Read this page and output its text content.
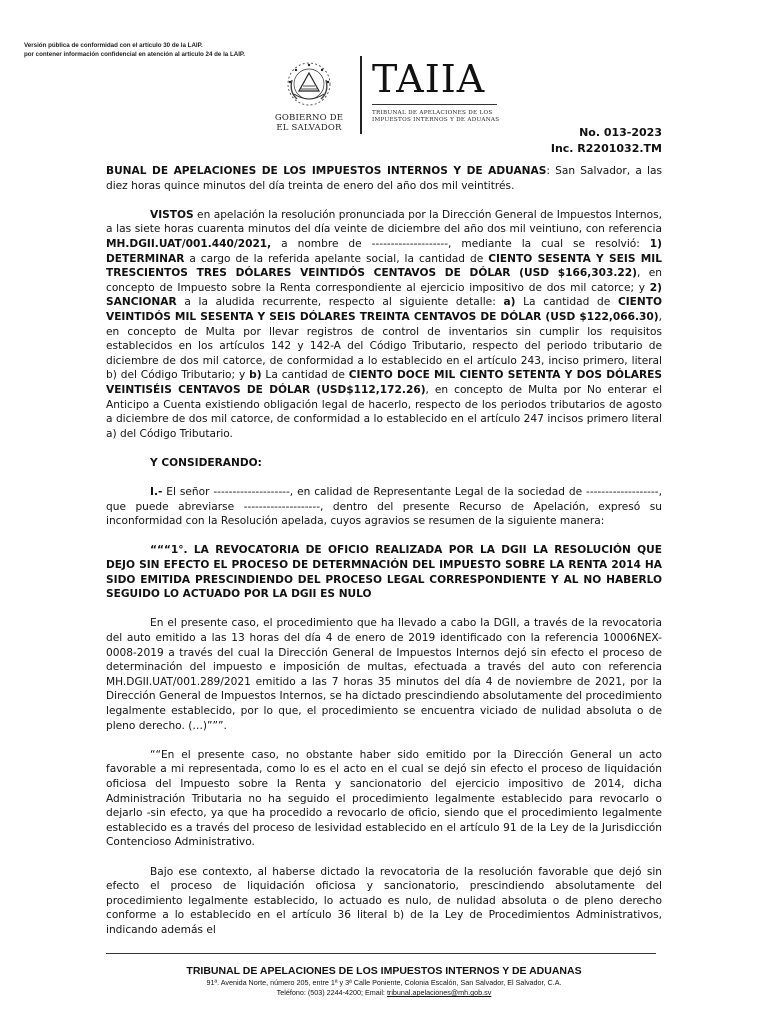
Versión pública de conformidad con el artículo 30 de la LAIP.
por contener información confidencial en atención al artículo 24 de la LAIP.
GOBIERNO DE
EL SALVADOR
TAIIA
TRIBUNAL DE APELACIONES DE LOS
IMPUESTOS INTERNOS Y DE ADUANAS
No. 013-2023
Inc. R2201032.TM

BUNAL DE APELACIONES DE LOS IMPUESTOS INTERNOS Y DE ADUANAS: San Salvador, a las diez horas quince minutos del día treinta de enero del año dos mil veintitrés.

VISTOS en apelación la resolución pronunciada por la Dirección General de Impuestos Internos, a las siete horas cuarenta minutos del día veinte de diciembre del año dos mil veintiuno, con referencia MH.DGII.UAT/001.440/2021, a nombre de --------------------, mediante la cual se resolvió: 1) DETERMINAR a cargo de la referida apelante social, la cantidad de CIENTO SESENTA Y SEIS MIL TRESCIENTOS TRES DÓLARES VEINTIDÓS CENTAVOS DE DÓLAR (USD $166,303.22), en concepto de Impuesto sobre la Renta correspondiente al ejercicio impositivo de dos mil catorce; y 2) SANCIONAR a la aludida recurrente, respecto al siguiente detalle: a) La cantidad de CIENTO VEINTIDÓS MIL SESENTA Y SEIS DÓLARES TREINTA CENTAVOS DE DÓLAR (USD $122,066.30), en concepto de Multa por llevar registros de control de inventarios sin cumplir los requisitos establecidos en los artículos 142 y 142-A del Código Tributario, respecto del periodo tributario de diciembre de dos mil catorce, de conformidad a lo establecido en el artículo 243, inciso primero, literal b) del Código Tributario; y b) La cantidad de CIENTO DOCE MIL CIENTO SETENTA Y DOS DÓLARES VEINTISÉIS CENTAVOS DE DÓLAR (USD$112,172.26), en concepto de Multa por No enterar el Anticipo a Cuenta existiendo obligación legal de hacerlo, respecto de los periodos tributarios de agosto a diciembre de dos mil catorce, de conformidad a lo establecido en el artículo 247 incisos primero literal a) del Código Tributario.

Y CONSIDERANDO:

I.- El señor --------------------, en calidad de Representante Legal de la sociedad de -------------------, que puede abreviarse --------------------, dentro del presente Recurso de Apelación, expresó su inconformidad con la Resolución apelada, cuyos agravios se resumen de la siguiente manera:

“““1°. LA REVOCATORIA DE OFICIO REALIZADA POR LA DGII LA RESOLUCIÓN QUE DEJO SIN EFECTO EL PROCESO DE DETERMNACIÓN DEL IMPUESTO SOBRE LA RENTA 2014 HA SIDO EMITIDA PRESCINDIENDO DEL PROCESO LEGAL CORRESPONDIENTE Y AL NO HABERLO SEGUIDO LO ACTUADO POR LA DGII ES NULO

En el presente caso, el procedimiento que ha llevado a cabo la DGII, a través de la revocatoria del auto emitido a las 13 horas del día 4 de enero de 2019 identificado con la referencia 10006NEX-0008-2019 a través del cual la Dirección General de Impuestos Internos dejó sin efecto el proceso de determinación del impuesto e imposición de multas, efectuada a través del auto con referencia MH.DGII.UAT/001.289/2021 emitido a las 7 horas 35 minutos del día 4 de noviembre de 2021, por la Dirección General de Impuestos Internos, se ha dictado prescindiendo absolutamente del procedimiento legalmente establecido, por lo que, el procedimiento se encuentra viciado de nulidad absoluta o de pleno derecho. (…)”””.

““En el presente caso, no obstante haber sido emitido por la Dirección General un acto favorable a mi representada, como lo es el acto en el cual se dejó sin efecto el proceso de liquidación oficiosa del Impuesto sobre la Renta y sancionatorio del ejercicio impositivo de 2014, dicha Administración Tributaria no ha seguido el procedimiento legalmente establecido para revocarlo o dejarlo -sin efecto, ya que ha procedido a revocarlo de oficio, siendo que el procedimiento legalmente establecido es a través del proceso de lesividad establecido en el artículo 91 de la Ley de la Jurisdicción Contencioso Administrativo.

Bajo ese contexto, al haberse dictado la revocatoria de la resolución favorable que dejó sin efecto el proceso de liquidación oficiosa y sancionatorio, prescindiendo absolutamente del procedimiento legalmente establecido, lo actuado es nulo, de nulidad absoluta o de pleno derecho conforme a lo establecido en el artículo 36 literal b) de la Ley de Procedimientos Administrativos, indicando además el

TRIBUNAL DE APELACIONES DE LOS IMPUESTOS INTERNOS Y DE ADUANAS
91ª. Avenida Norte, número 205, entre 1ª y 3ª Calle Poniente, Colonia Escalón, San Salvador, El Salvador, C.A.
Teléfono: (503) 2244-4200; Email: tribunal.apelaciones@mh.gob.sv
